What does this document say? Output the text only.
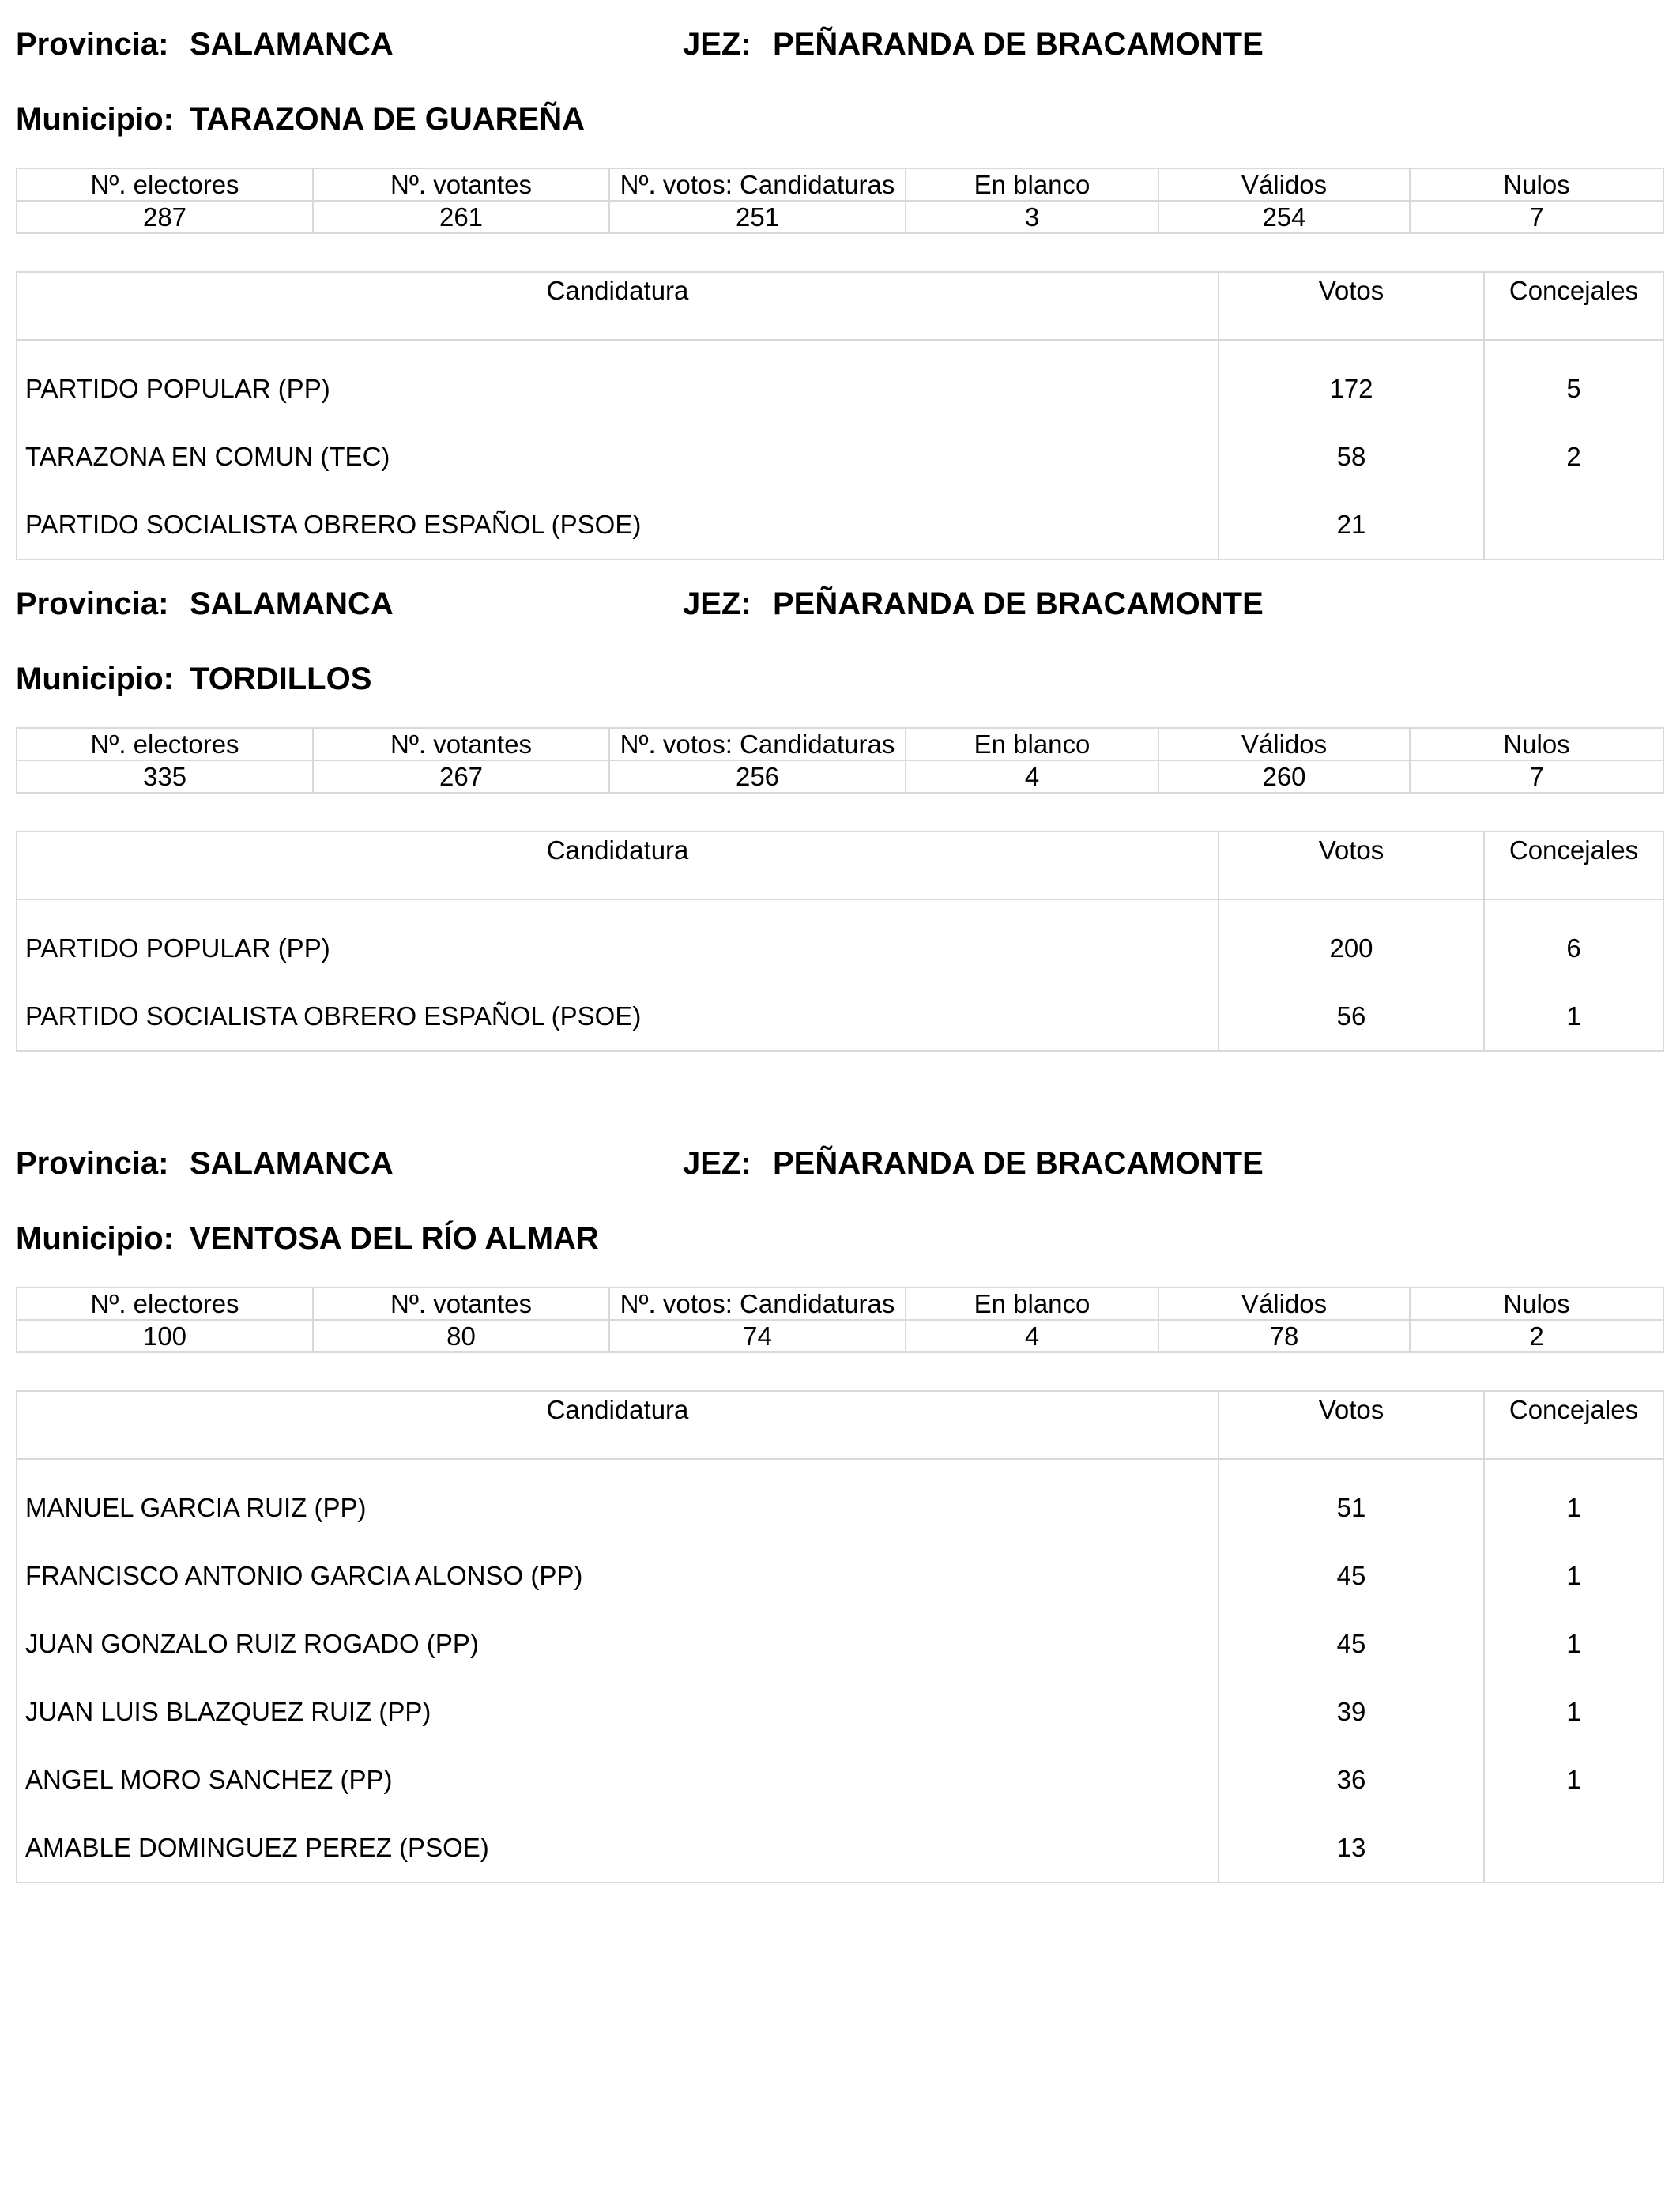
Provincia: SALAMANCA	JEZ: PEÑARANDA DE BRACAMONTE
Municipio: TARAZONA DE GUAREÑA
Nº. electores	Nº. votantes	Nº. votos: Candidaturas	En blanco	Válidos	Nulos
287	261	251	3	254	7
Candidatura	Votos	Concejales

PARTIDO POPULAR (PP)	172	5
TARAZONA EN COMUN (TEC)	58	2
PARTIDO SOCIALISTA OBRERO ESPAÑOL (PSOE)	21	
Provincia: SALAMANCA	JEZ: PEÑARANDA DE BRACAMONTE
Municipio: TORDILLOS
Nº. electores	Nº. votantes	Nº. votos: Candidaturas	En blanco	Válidos	Nulos
335	267	256	4	260	7
Candidatura	Votos	Concejales

PARTIDO POPULAR (PP)	200	6
PARTIDO SOCIALISTA OBRERO ESPAÑOL (PSOE)	56	1
Provincia: SALAMANCA	JEZ: PEÑARANDA DE BRACAMONTE
Municipio: VENTOSA DEL RÍO ALMAR
Nº. electores	Nº. votantes	Nº. votos: Candidaturas	En blanco	Válidos	Nulos
100	80	74	4	78	2
Candidatura	Votos	Concejales

MANUEL GARCIA RUIZ (PP)	51	1
FRANCISCO ANTONIO GARCIA ALONSO (PP)	45	1
JUAN GONZALO RUIZ ROGADO (PP)	45	1
JUAN LUIS BLAZQUEZ RUIZ (PP)	39	1
ANGEL MORO SANCHEZ (PP)	36	1
AMABLE DOMINGUEZ PEREZ (PSOE)	13	
